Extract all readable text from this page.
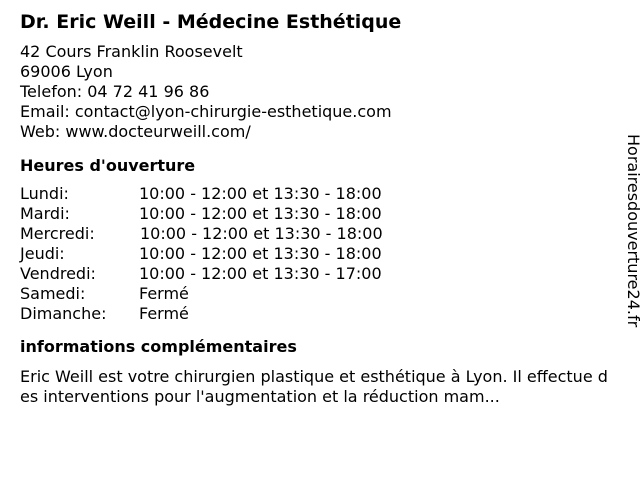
Dr. Eric Weill - Médecine Esthétique
42 Cours Franklin Roosevelt
69006 Lyon
Telefon: 04 72 41 96 86
Email: contact@lyon-chirurgie-esthetique.com
Web: www.docteurweill.com/
Heures d'ouverture
Lundi:	10:00 - 12:00 et 13:30 - 18:00
Mardi:	10:00 - 12:00 et 13:30 - 18:00
Mercredi:	10:00 - 12:00 et 13:30 - 18:00
Jeudi:	10:00 - 12:00 et 13:30 - 18:00
Vendredi:	10:00 - 12:00 et 13:30 - 17:00
Samedi:	Fermé
Dimanche: Fermé
informations complémentaires
Eric Weill est votre chirurgien plastique et esthétique à Lyon. Il effectue des interventions pour l'augmentation et la réduction mam...
Horairesdouverture24.fr
